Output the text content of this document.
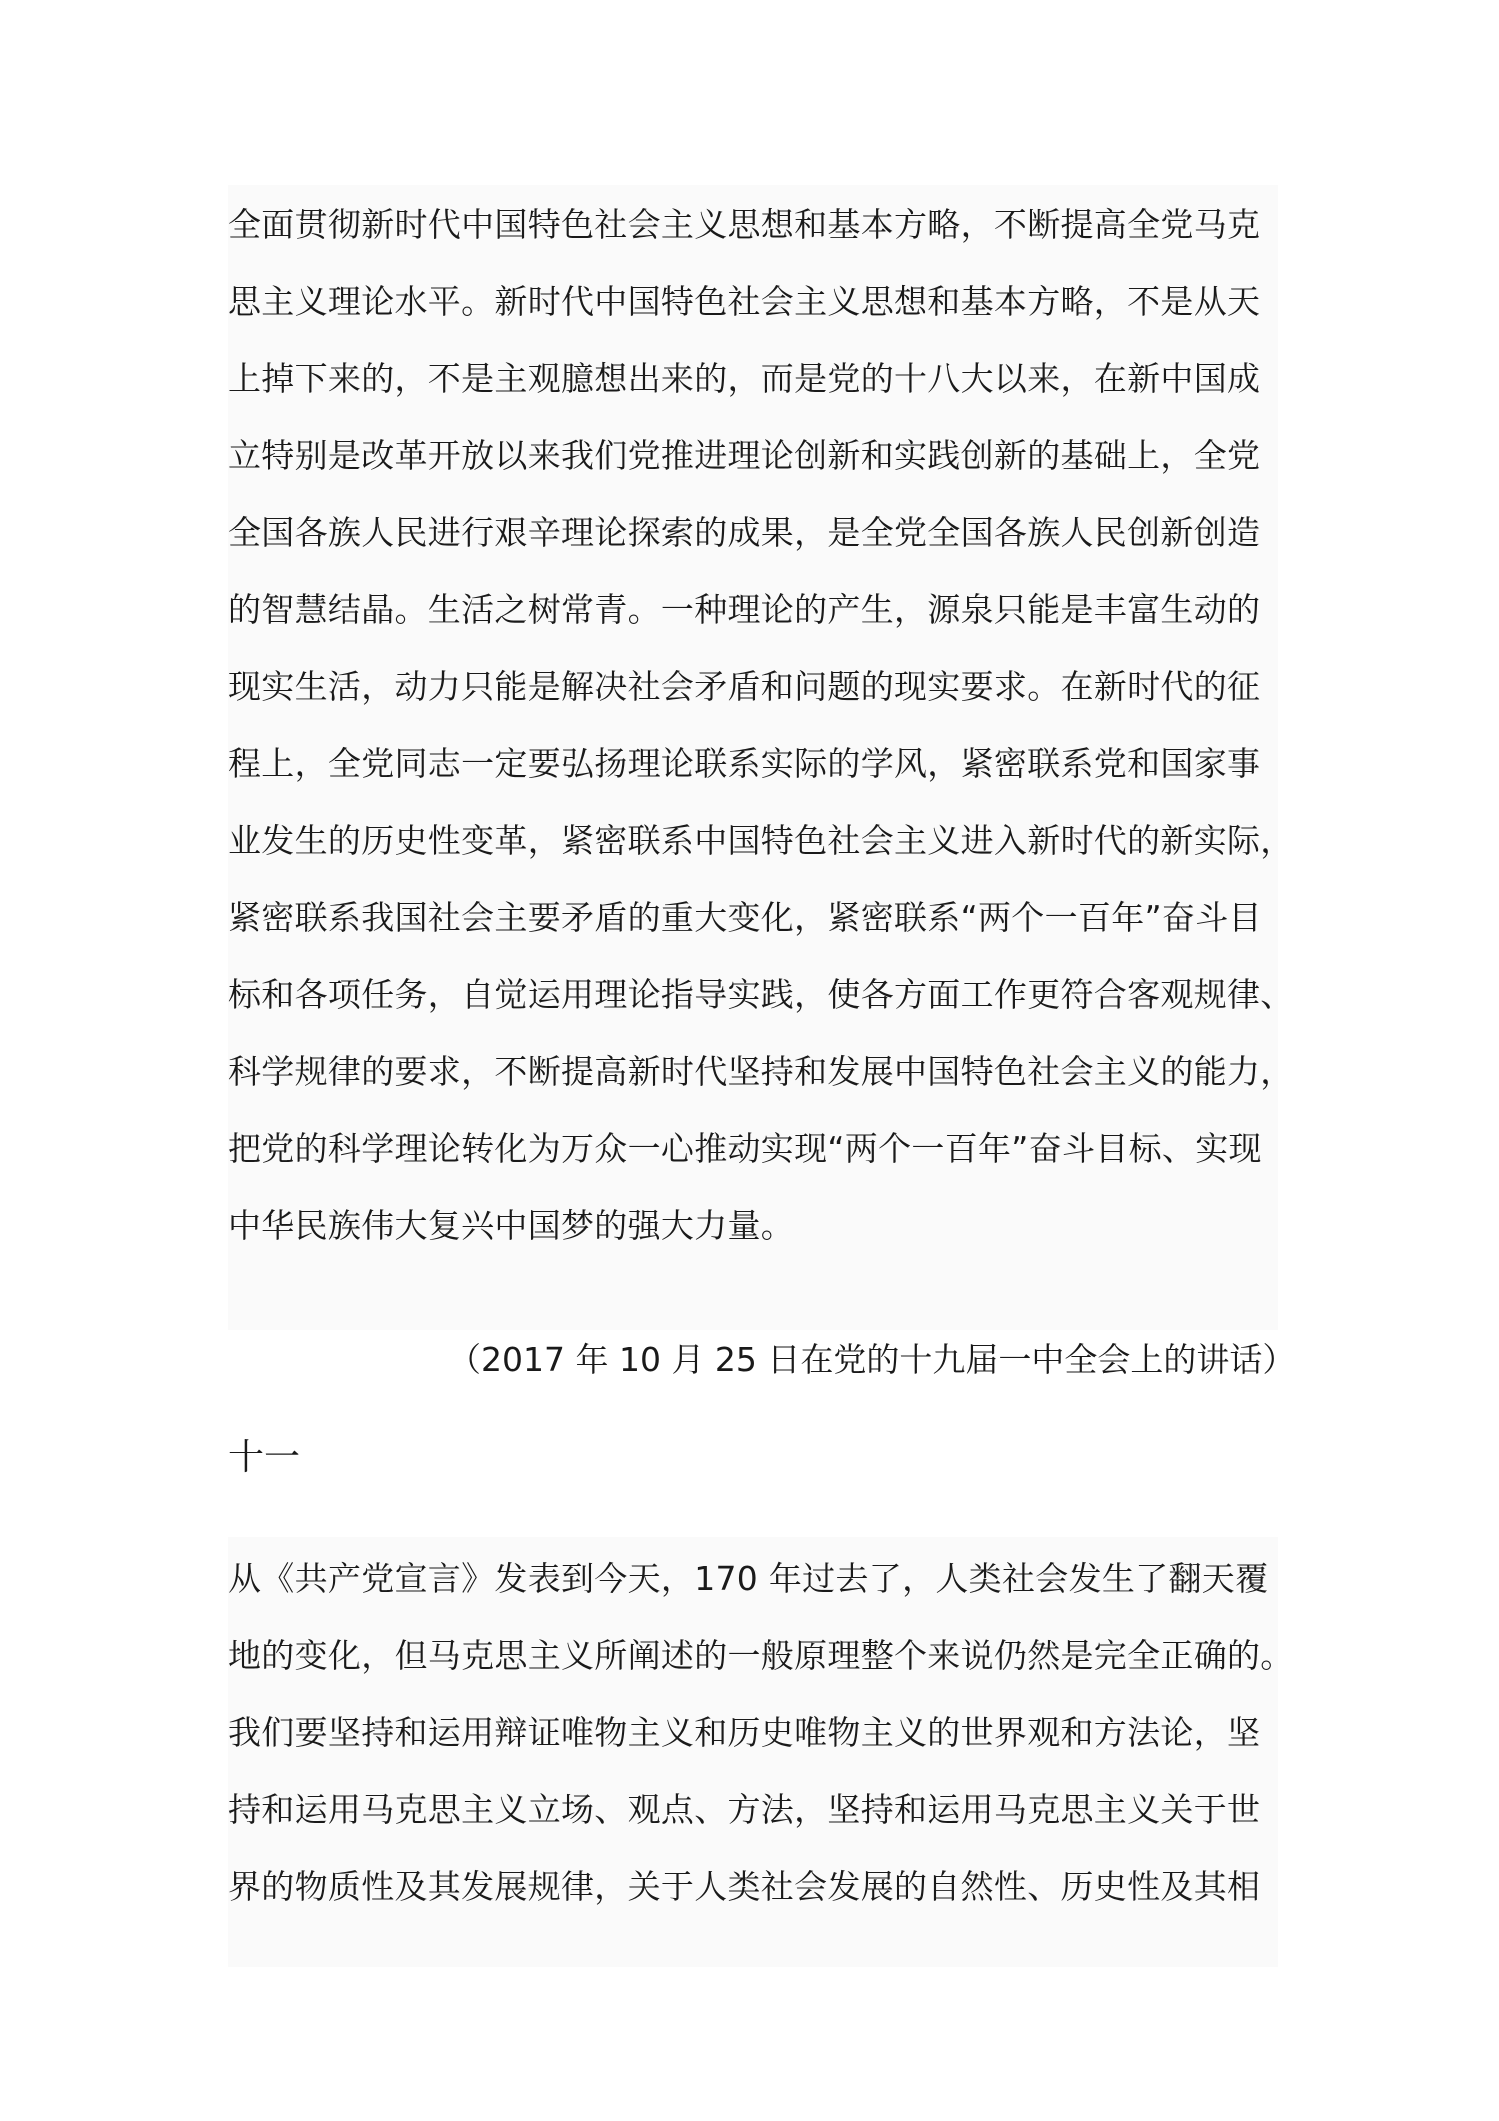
全面贯彻新时代中国特色社会主义思想和基本方略，不断提高全党马克
思主义理论水平。新时代中国特色社会主义思想和基本方略，不是从天
上掉下来的，不是主观臆想出来的，而是党的十八大以来，在新中国成
立特别是改革开放以来我们党推进理论创新和实践创新的基础上，全党
全国各族人民进行艰辛理论探索的成果，是全党全国各族人民创新创造
的智慧结晶。生活之树常青。一种理论的产生，源泉只能是丰富生动的
现实生活，动力只能是解决社会矛盾和问题的现实要求。在新时代的征
程上，全党同志一定要弘扬理论联系实际的学风，紧密联系党和国家事
业发生的历史性变革，紧密联系中国特色社会主义进入新时代的新实际，
紧密联系我国社会主要矛盾的重大变化，紧密联系“两个一百年”奋斗目
标和各项任务，自觉运用理论指导实践，使各方面工作更符合客观规律、
科学规律的要求，不断提高新时代坚持和发展中国特色社会主义的能力，
把党的科学理论转化为万众一心推动实现“两个一百年”奋斗目标、实现
中华民族伟大复兴中国梦的强大力量。
（2017 年 10 月 25 日在党的十九届一中全会上的讲话）
十一
从《共产党宣言》发表到今天，170 年过去了，人类社会发生了翻天覆
地的变化，但马克思主义所阐述的一般原理整个来说仍然是完全正确的。
我们要坚持和运用辩证唯物主义和历史唯物主义的世界观和方法论，坚
持和运用马克思主义立场、观点、方法，坚持和运用马克思主义关于世
界的物质性及其发展规律，关于人类社会发展的自然性、历史性及其相
